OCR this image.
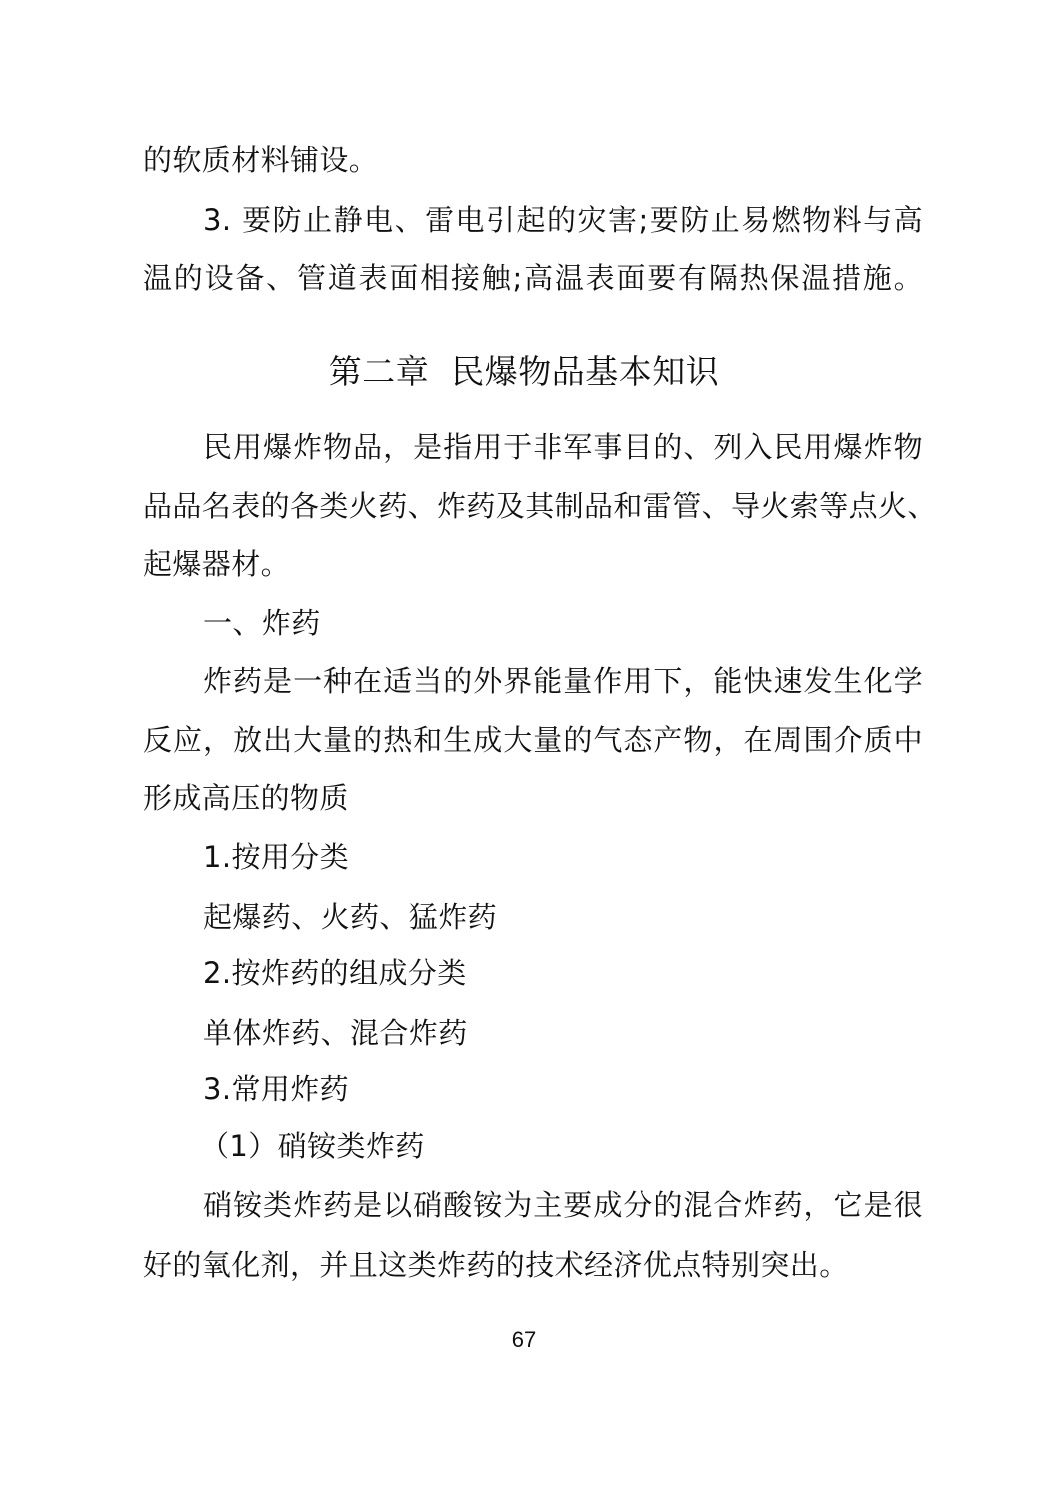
的软质材料铺设。
3. 要防止静电、雷电引起的灾害;要防止易燃物料与高
温的设备、管道表面相接触;高温表面要有隔热保温措施。
第二章  民爆物品基本知识
民用爆炸物品，是指用于非军事目的、列入民用爆炸物
品品名表的各类火药、炸药及其制品和雷管、导火索等点火、
起爆器材。
一、炸药
炸药是一种在适当的外界能量作用下，能快速发生化学
反应，放出大量的热和生成大量的气态产物，在周围介质中
形成高压的物质
1.按用分类
起爆药、火药、猛炸药
2.按炸药的组成分类
单体炸药、混合炸药
3.常用炸药
（1）硝铵类炸药
硝铵类炸药是以硝酸铵为主要成分的混合炸药，它是很
好的氧化剂，并且这类炸药的技术经济优点特别突出。
67
